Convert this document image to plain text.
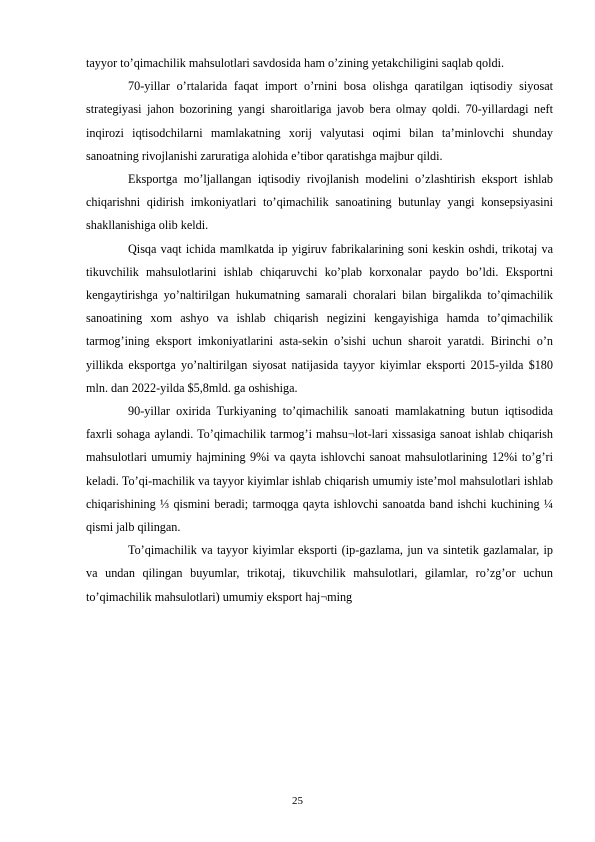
tayyor to’qimachilik mahsulotlari savdosida ham o’zining yetakchiligini saqlab qoldi.

70-yillar o’rtalarida faqat import o’rnini bosa olishga qaratilgan iqtisodiy siyosat strategiyasi jahon bozorining yangi sharoitlariga javob bera olmay qoldi. 70-yillardagi neft inqirozi iqtisodchilarni mamlakatning xorij valyutasi oqimi bilan ta’minlovchi shunday sanoatning rivojlanishi zaruratiga alohida e’tibor qaratishga majbur qildi.

Eksportga mo’ljallangan iqtisodiy rivojlanish modelini o’zlashtirish eksport ishlab chiqarishni qidirish imkoniyatlari to’qimachilik sanoatining butunlay yangi konsepsiyasini shakllanishiga olib keldi.

Qisqa vaqt ichida mamlkatda ip yigiruv fabrikalarining soni keskin oshdi, trikotaj va tikuvchilik mahsulotlarini ishlab chiqaruvchi ko’plab korxonalar paydo bo’ldi. Eksportni kengaytirishga yo’naltirilgan hukumatning samarali choralari bilan birgalikda to’qimachilik sanoatining xom ashyo va ishlab chiqarish negizini kengayishiga hamda to’qimachilik tarmog’ining eksport imkoniyatlarini asta-sekin o’sishi uchun sharoit yaratdi. Birinchi o’n yillikda eksportga yo’naltirilgan siyosat natijasida tayyor kiyimlar eksporti 2015-yilda $180 mln. dan 2022-yilda $5,8mld. ga oshishiga.

90-yillar oxirida Turkiyaning to’qimachilik sanoati mamlakatning butun iqtisodida faxrli sohaga aylandi. To’qimachilik tarmog’i mahsu¬lot-lari xissasiga sanoat ishlab chiqarish mahsulotlari umumiy hajmining 9%i va qayta ishlovchi sanoat mahsulotlarining 12%i to’g’ri keladi. To’qi-machilik va tayyor kiyimlar ishlab chiqarish umumiy iste’mol mahsulotlari ishlab chiqarishining ⅓ qismini beradi; tarmoqga qayta ishlovchi sanoatda band ishchi kuchining ¼ qismi jalb qilingan.

To’qimachilik va tayyor kiyimlar eksporti (ip-gazlama, jun va sintetik gazlamalar, ip va undan qilingan buyumlar, trikotaj, tikuvchilik mahsulotlari, gilamlar, ro’zg’or uchun to’qimachilik mahsulotlari) umumiy eksport haj¬ming

25
